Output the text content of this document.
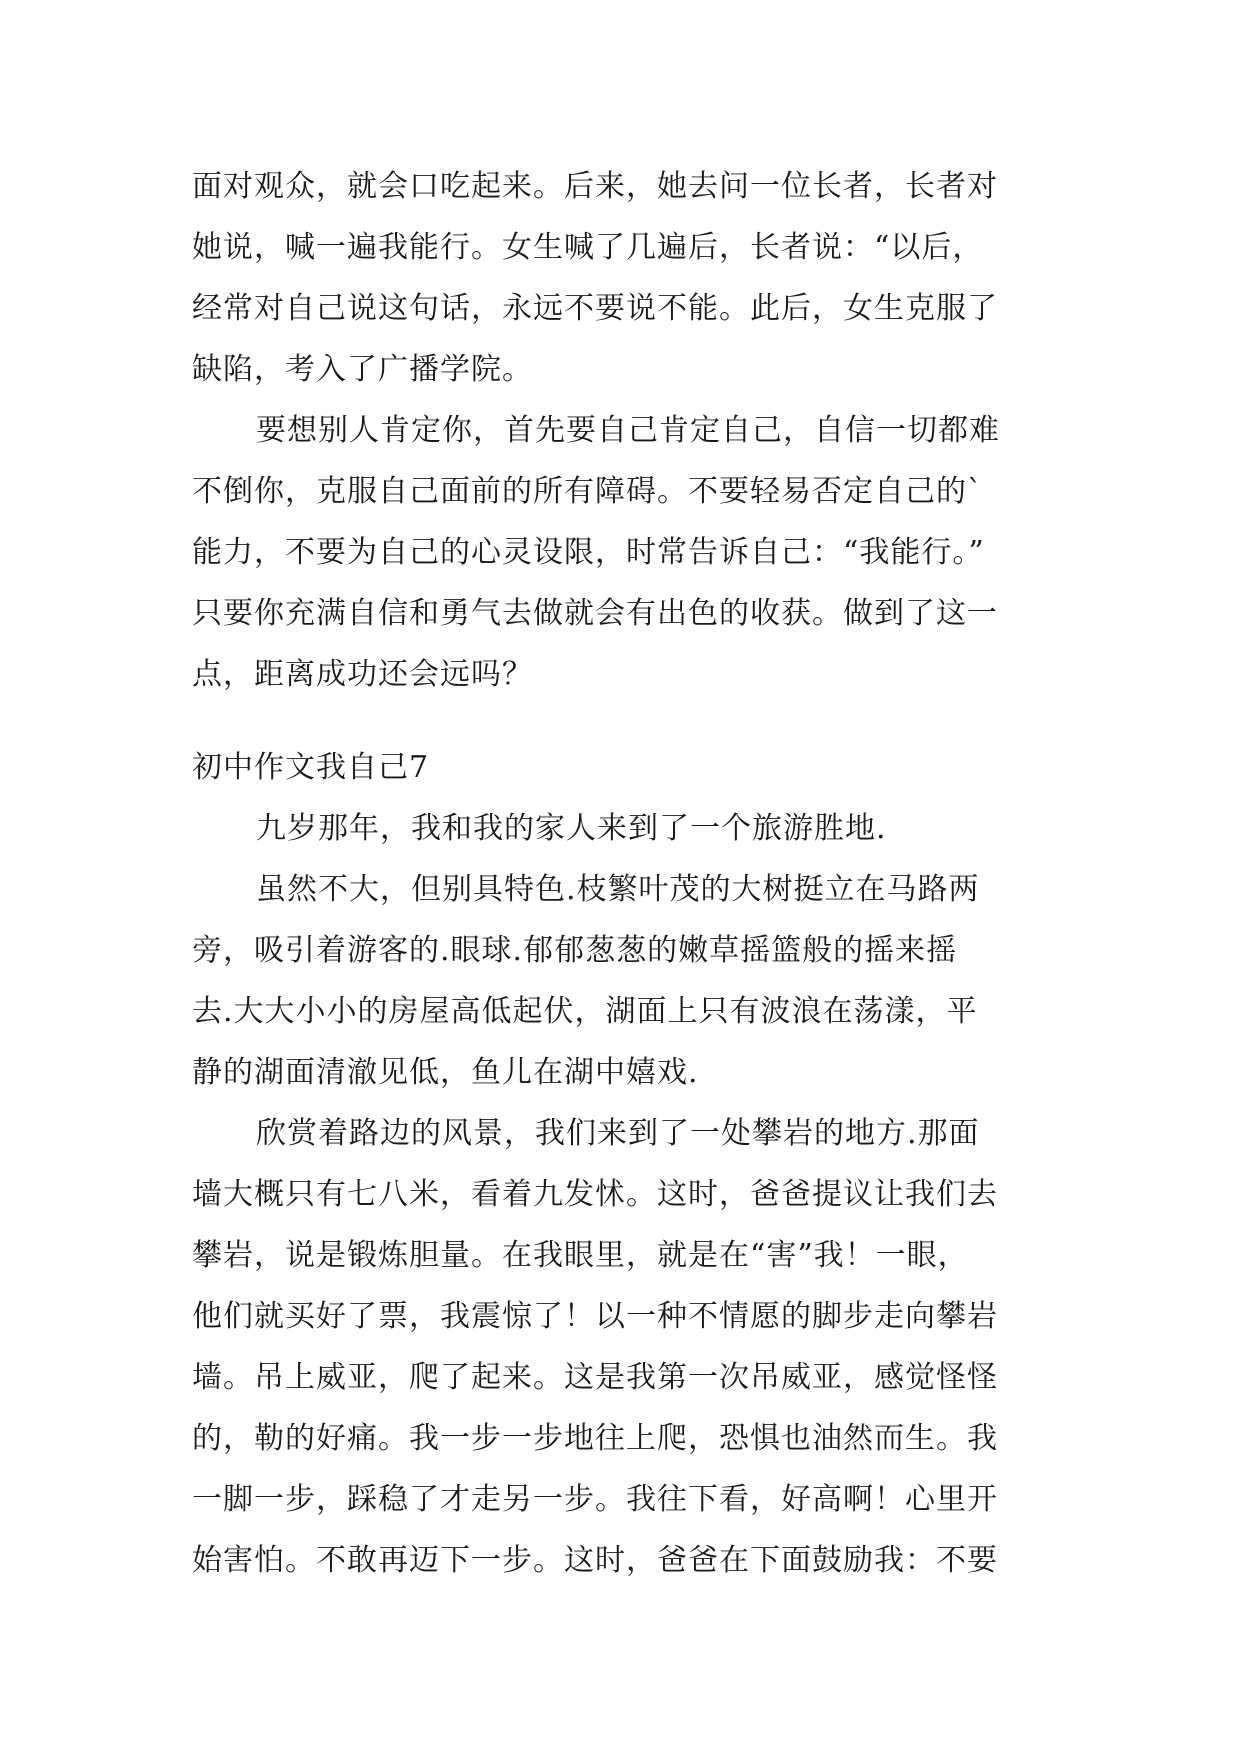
面对观众，就会口吃起来。后来，她去问一位长者，长者对
她说，喊一遍我能行。女生喊了几遍后，长者说：“以后，
经常对自己说这句话，永远不要说不能。此后，女生克服了
缺陷，考入了广播学院。
要想别人肯定你，首先要自己肯定自己，自信一切都难
不倒你，克服自己面前的所有障碍。不要轻易否定自己的`
能力，不要为自己的心灵设限，时常告诉自己：“我能行。”
只要你充满自信和勇气去做就会有出色的收获。做到了这一
点，距离成功还会远吗？
初中作文我自己7
九岁那年，我和我的家人来到了一个旅游胜地.
虽然不大，但别具特色.枝繁叶茂的大树挺立在马路两
旁，吸引着游客的.眼球.郁郁葱葱的嫩草摇篮般的摇来摇
去.大大小小的房屋高低起伏，湖面上只有波浪在荡漾，平
静的湖面清澈见低，鱼儿在湖中嬉戏.
欣赏着路边的风景，我们来到了一处攀岩的地方.那面
墙大概只有七八米，看着九发怵。这时，爸爸提议让我们去
攀岩，说是锻炼胆量。在我眼里，就是在“害”我！一眼，
他们就买好了票，我震惊了！以一种不情愿的脚步走向攀岩
墙。吊上威亚，爬了起来。这是我第一次吊威亚，感觉怪怪
的，勒的好痛。我一步一步地往上爬，恐惧也油然而生。我
一脚一步，踩稳了才走另一步。我往下看，好高啊！心里开
始害怕。不敢再迈下一步。这时，爸爸在下面鼓励我：不要
